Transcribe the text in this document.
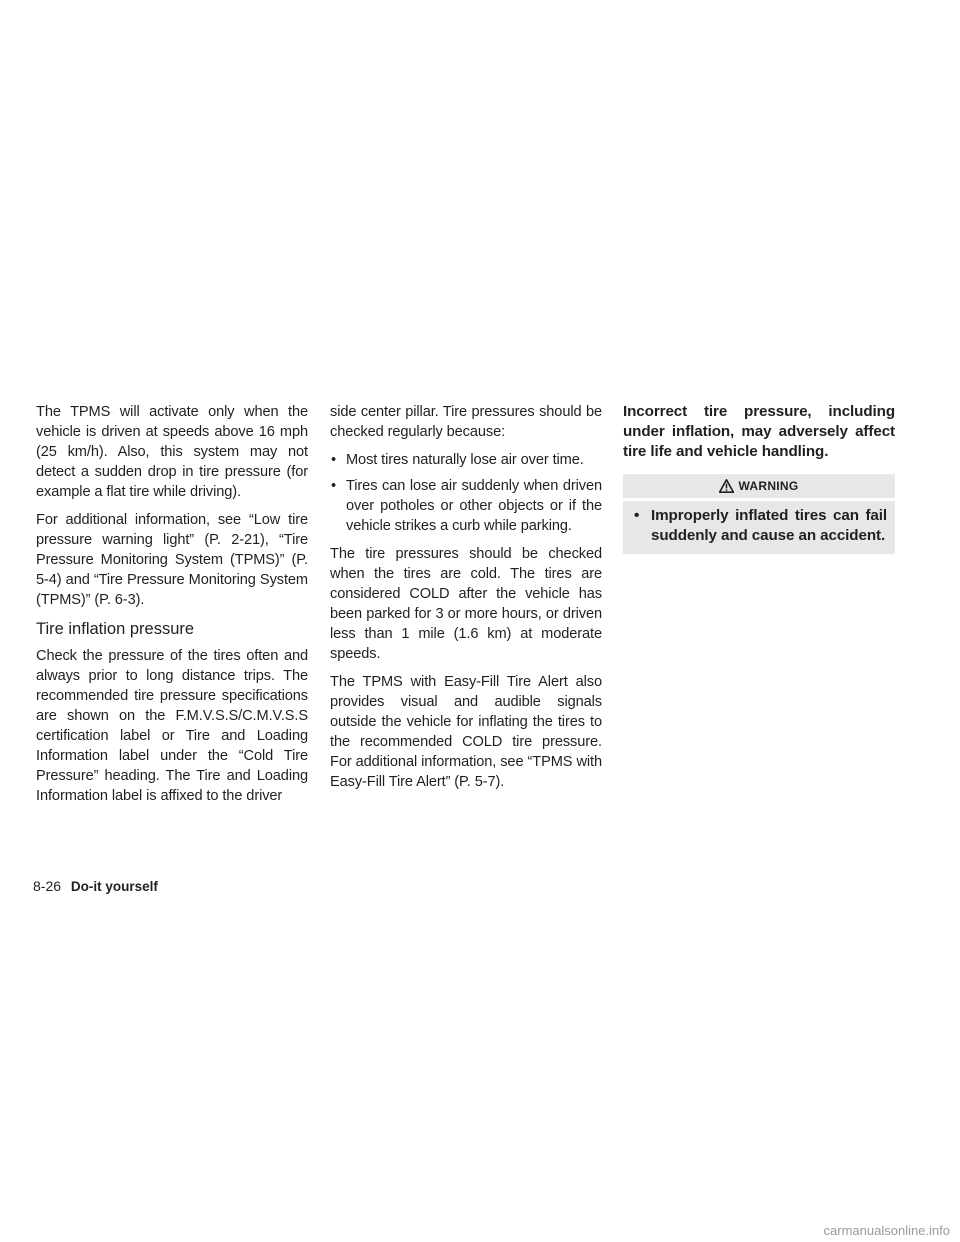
The TPMS will activate only when the vehicle is driven at speeds above 16 mph (25 km/h). Also, this system may not detect a sudden drop in tire pressure (for example a flat tire while driving).

For additional information, see “Low tire pressure warning light” (P. 2-21), “Tire Pressure Monitoring System (TPMS)” (P. 5-4) and “Tire Pressure Monitoring System (TPMS)” (P. 6-3).

Tire inflation pressure

Check the pressure of the tires often and always prior to long distance trips. The recommended tire pressure specifications are shown on the F.M.V.S.S/C.M.V.S.S certification label or Tire and Loading Information label under the “Cold Tire Pressure” heading. The Tire and Loading Information label is affixed to the driver

side center pillar. Tire pressures should be checked regularly because:

• Most tires naturally lose air over time.
• Tires can lose air suddenly when driven over potholes or other objects or if the vehicle strikes a curb while parking.

The tire pressures should be checked when the tires are cold. The tires are considered COLD after the vehicle has been parked for 3 or more hours, or driven less than 1 mile (1.6 km) at moderate speeds.

The TPMS with Easy-Fill Tire Alert also provides visual and audible signals outside the vehicle for inflating the tires to the recommended COLD tire pressure. For additional information, see “TPMS with Easy-Fill Tire Alert” (P. 5-7).

Incorrect tire pressure, including under inflation, may adversely affect tire life and vehicle handling.

WARNING
• Improperly inflated tires can fail suddenly and cause an accident.
8-26 Do-it yourself
carmanualsonline.info
